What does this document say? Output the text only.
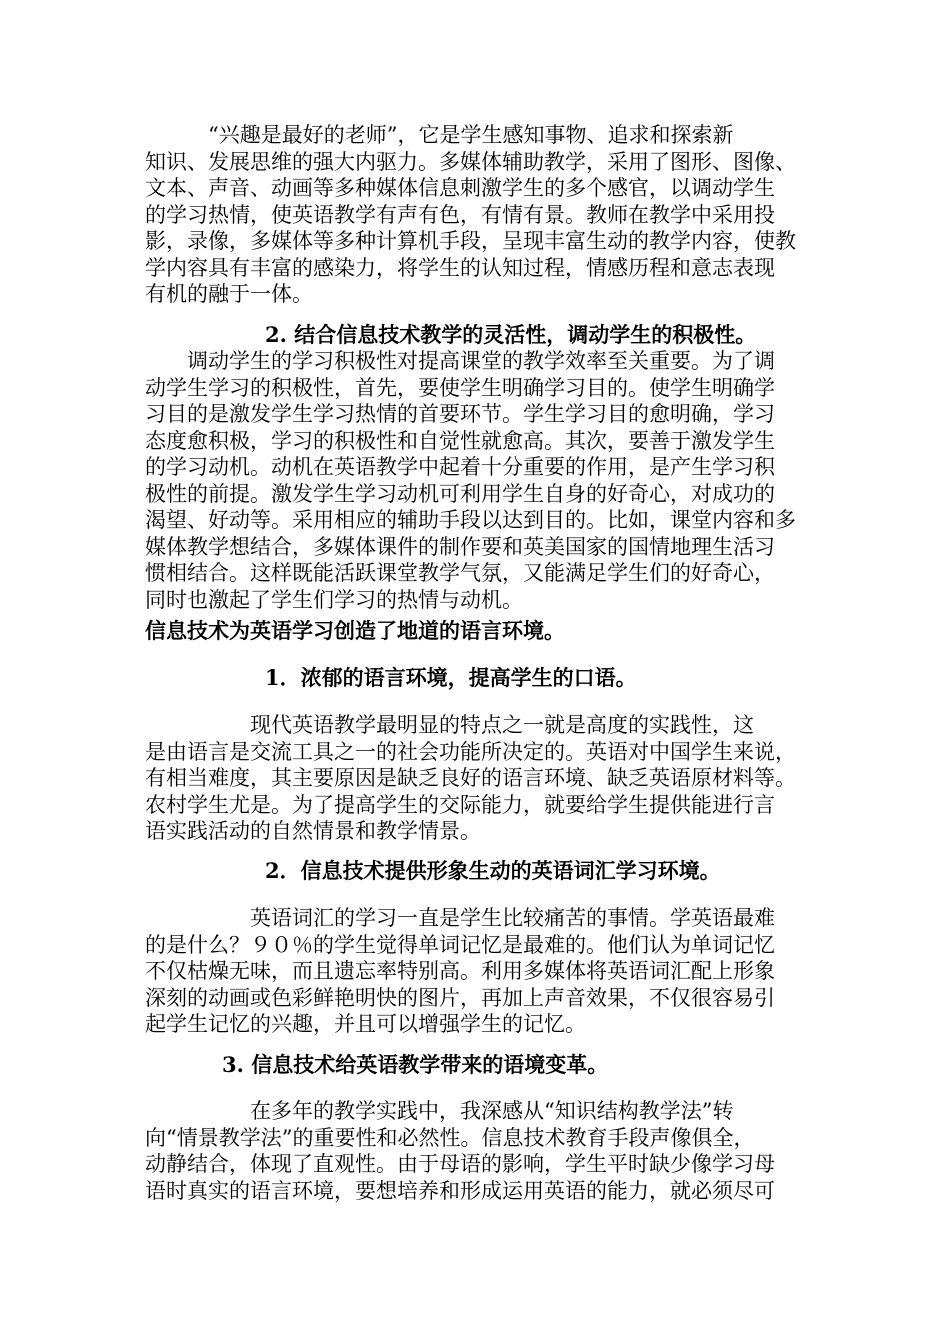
　　　“兴趣是最好的老师”，它是学生感知事物、追求和探索新
知识、发展思维的强大内驱力。多媒体辅助教学，采用了图形、图像、
文本、声音、动画等多种媒体信息刺激学生的多个感官，以调动学生
的学习热情，使英语教学有声有色，有情有景。教师在教学中采用投
影，录像，多媒体等多种计算机手段，呈现丰富生动的教学内容，使教
学内容具有丰富的感染力，将学生的认知过程，情感历程和意志表现
有机的融于一体。
2. 结合信息技术教学的灵活性，调动学生的积极性。
　　调动学生的学习积极性对提高课堂的教学效率至关重要。为了调
动学生学习的积极性，首先，要使学生明确学习目的。使学生明确学
习目的是激发学生学习热情的首要环节。学生学习目的愈明确，学习
态度愈积极，学习的积极性和自觉性就愈高。其次，要善于激发学生
的学习动机。动机在英语教学中起着十分重要的作用，是产生学习积
极性的前提。激发学生学习动机可利用学生自身的好奇心，对成功的
渴望、好动等。采用相应的辅助手段以达到目的。比如，课堂内容和多
媒体教学想结合，多媒体课件的制作要和英美国家的国情地理生活习
惯相结合。这样既能活跃课堂教学气氛，又能满足学生们的好奇心，
同时也激起了学生们学习的热情与动机。
信息技术为英语学习创造了地道的语言环境。
1．浓郁的语言环境，提高学生的口语。
　　　　　现代英语教学最明显的特点之一就是高度的实践性，这
是由语言是交流工具之一的社会功能所决定的。英语对中国学生来说，
有相当难度，其主要原因是缺乏良好的语言环境、缺乏英语原材料等。
农村学生尤是。为了提高学生的交际能力，就要给学生提供能进行言
语实践活动的自然情景和教学情景。
2．信息技术提供形象生动的英语词汇学习环境。
　　　　　英语词汇的学习一直是学生比较痛苦的事情。学英语最难
的是什么？９０％的学生觉得单词记忆是最难的。他们认为单词记忆
不仅枯燥无味，而且遗忘率特别高。利用多媒体将英语词汇配上形象
深刻的动画或色彩鲜艳明快的图片，再加上声音效果，不仅很容易引
起学生记忆的兴趣，并且可以增强学生的记忆。
3. 信息技术给英语教学带来的语境变革。
　　　　　在多年的教学实践中，我深感从“知识结构教学法”转
向“情景教学法”的重要性和必然性。信息技术教育手段声像俱全，
动静结合，体现了直观性。由于母语的影响，学生平时缺少像学习母
语时真实的语言环境，要想培养和形成运用英语的能力，就必须尽可
